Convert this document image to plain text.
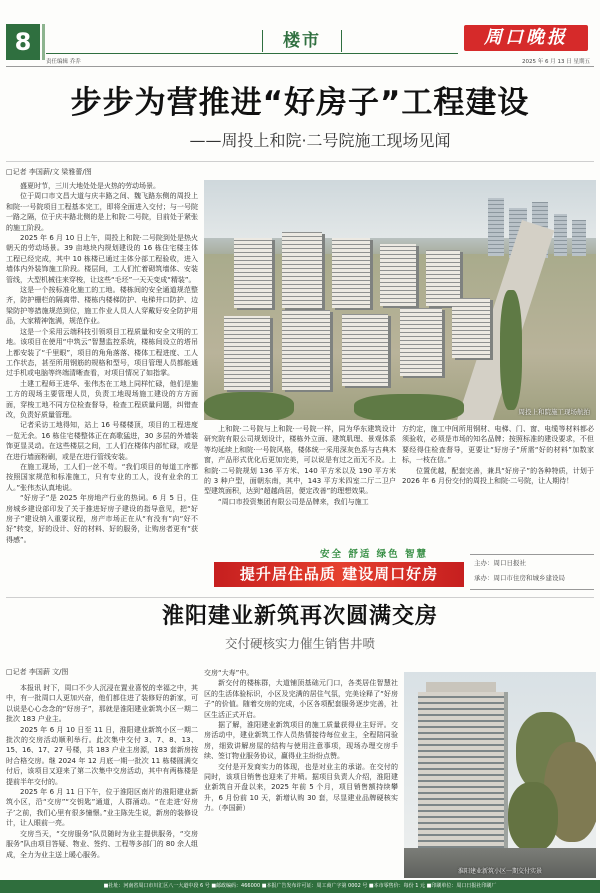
8	楼市	周口晚报
责任编辑 乔乔	2025 年 6 月 13 日 星期五
步步为营推进“好房子”工程建设
——周投上和院·二号院施工现场见闻
□记者 李国薪/文 梁雅蕾/图

盛夏时节，三川大地处处是火热的劳动场景。

位于周口市文昌大道与庆丰路之间、魏飞路东侧的周投上和院·一号院项目工程基本完工，即将全面进入交付；与一号院一路之隔，位于庆丰路北侧的是上和院·二号院，目前处于紧张的施工阶段。

2025 年 6 月 10 日上午，周投上和院·二号院到处是热火朝天的劳动场景。39 亩地块内规划建设的 16 栋住宅楼主体工程已经完成，其中 10 栋楼已通过主体分部工程验收，进入墙体内外装饰施工阶段。楼层间，工人们忙着砌筑墙体、安装管线，大型机械往来穿梭，让这些“毛坯”一天天变成“精装”。

这是一个按标准化施工的工地。楼栋间的安全通道规范整齐，防护栅栏的隔离带、楼栋内楼梯防护、电梯井口防护、边梁防护等措施规范到位，施工作业人员人人穿戴好安全防护用品，大家精神饱满，规范作业。

这是一个采用云端科技引领项目工程质量和安全文明的工地。该项目在使用“中筑云”智慧监控系统，楼栋间设立的塔吊上都安装了“千里眼”，项目的角角落落、楼体工程进度、工人工作状态，甚至所用钢筋的规格和型号，项目管理人员都能通过手机或电脑等终端清晰查看，对项目情况了如指掌。

土建工程师王进华、张伟杰在工地上同样忙碌，他们是施工方的现场主要管理人员，负责工地现场施工建设的方方面面，穿梭工地不同方位检查督导，检查工程质量问题，纠错查改，负责好质量管理。

记者采访工地得知，站上 16 号楼楼顶，项目的工程进度一览无余。16 栋住宅楼整体正在高歌猛进，30 多层的外墙装饰更显灵动。在这些楼层之间，工人们在楼体内部忙碌，或是在进行墙面粉刷，或是在进行管线安装。

在施工现场，工人们一丝不苟。“我们项目的每道工序都按照国家规范和标准施工，只有专业的工人，没有业余的工人。”张伟杰认真地说。

“好房子”是 2025 年房地产行业的热词。6 月 5 日，住房城乡建设部印发了关于推进好房子建设的指导意见，把“好房子”建设纳入重要议程，房产市场正在从“有没有”向“好不好”转变，好的设计、好的材料、好的服务，让购房者更有“获得感”。

周投上和院施工现场航拍

上和院·二号院与上和院·一号院一样，同为华东建筑设计研究院有限公司规划设计，楼栋外立面、建筑肌理、景观体系等均延续上和院·一号院风格，楼体统一采用深灰色系与古典木窗，产品形式优化后更加完美，可以说是有过之而无不及。上和院·二号院规划 136 平方米、140 平方米以及 190 平方米的 3 种户型，面朝东南，其中，143 平方米四室二厅二卫户型建筑面积，达到“超越尚居，便定改善”的理想效果。

“周口市投资集团有限公司是品牌来，我们与施工

方约定，施工中间所用钢材、电梯、门、窗、电缆等材料都必须验收，必须是市场的知名品牌；按照标准的建设要求，不但要经得住检查督导，更要让“好房子”所需“好的材料”加数家标，一枝在信。”

位置优越，配套完善，兼具“好房子”的各种特质，计划于 2026 年 6 月份交付的周投上和院·二号院，让人期待！

安全 舒适 绿色 智慧
提升居住品质 建设周口好房
主办：周口日报社
承办：周口市住房和城乡建设局
淮阳建业新筑再次圆满交房
交付硬核实力催生销售井喷
□记者 李国薪 文/图

本报讯 时下，周口不少人沉浸在置业喜悦的幸福之中，其中，有一批周口人更加兴奋，他们都住进了装修好的新家，可以说是心心念念的“好房子”，那就是淮阳建业新筑小区一期二批次 183 户业主。

2025 年 6 月 10 日至 11 日，淮阳建业新筑小区一期二批次的交房活动顺利举行。此次集中交付 3、7、8、13、15、16、17、27 号楼，共 183 户业主房源，183 套新房按时合格交房。继 2024 年 12 月底一期一批次 11 栋楼圆满交付后，该项目又迎来了第二次集中交房活动，其中有两栋楼是提前半年交付的。

2025 年 6 月 11 日下午，位于淮阳区南片的淮阳建业新筑小区，沿“交房”“交钥匙”通道，人群涌动。“在走进‘好房子’之前，我们心里有很多憧憬。”业主陈先生说，新房的装修设计，让人眼前一亮。

交房当天，“交房服务”队员随时为业主提供服务，“交房服务”队由项目答疑、物业、签约、工程等多部门的 80 余人组成，全力为业主送上暖心服务。

交房“大寿”中。

新交付的楼栋群，大道铺顶基础元门口，各类居住智慧社区的生活体验标识，小区及完满的居住气氛，完美诠释了“好房子”的价值。随着交房的完成，小区各项配套服务逐步完善，社区生活正式开启。

据了解，淮阳建业新筑项目的施工质量获得业主好评。交房活动中，建业新筑工作人员热情接待每位业主，全程陪同验房，细致讲解房屋的结构与使用注意事项，现场办理交房手续、签订物业服务协议，赢得业主纷纷点赞。

交付是开发商实力的体现，也是对业主的承诺。在交付的同时，该项目销售也迎来了井喷。据项目负责人介绍，淮阳建业新筑自开盘以来，2025 年前 5 个月，项目销售额持续攀升，6 月份前 10 天，新增认购 30 套，尽显建业品牌硬核实力。（李国薪）

淮阳建业新筑小区一期交付实景
■社址：河南省周口市川汇区八一大道中段 6 号 ■邮政编码：466000 ■本报广告发布许可证：周工商广字第 0002 号 ■本市零售价：每份 1 元 ■印刷单位：周口日报社印刷厂
